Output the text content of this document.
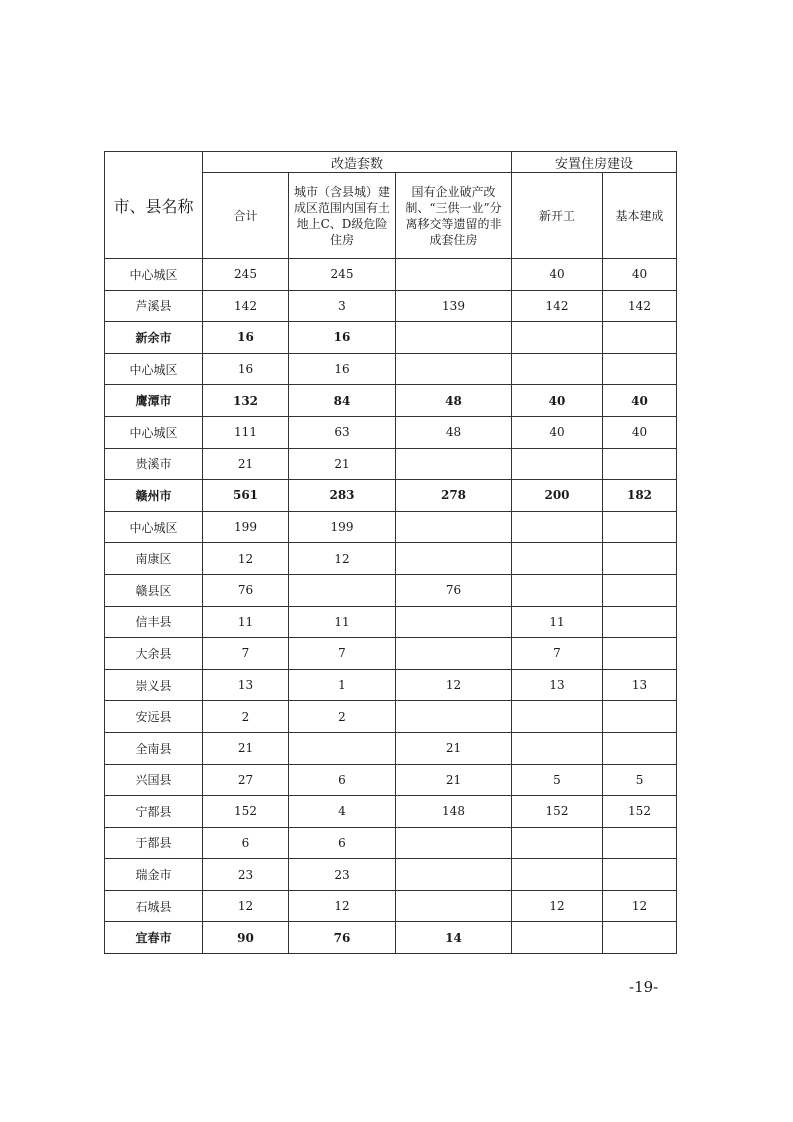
市、县名称	改造套数			安置住房建设	
	合计	城市（含县城）建成区范围内国有土地上C、D级危险住房	国有企业破产改制、“三供一业”分离移交等遗留的非成套住房	新开工	基本建成
中心城区	245	245		40	40
芦溪县	142	3	139	142	142
新余市	16	16			
中心城区	16	16			
鹰潭市	132	84	48	40	40
中心城区	111	63	48	40	40
贵溪市	21	21			
赣州市	561	283	278	200	182
中心城区	199	199			
南康区	12	12			
赣县区	76		76		
信丰县	11	11		11	
大余县	7	7		7	
崇义县	13	1	12	13	13
安远县	2	2			
全南县	21		21		
兴国县	27	6	21	5	5
宁都县	152	4	148	152	152
于都县	6	6			
瑞金市	23	23			
石城县	12	12		12	12
宜春市	90	76	14		
-19-
